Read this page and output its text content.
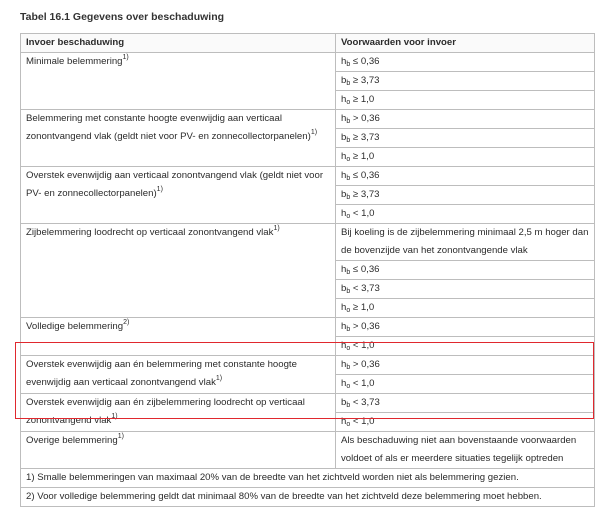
Tabel 16.1 Gegevens over beschaduwing
Invoer beschaduwing	Voorwaarden voor invoer
Minimale belemmering$^{1)}$	$h_b \le 0,36$
	$b_b \ge 3,73$
	$h_o \ge 1,0$
Belemmering met constante hoogte evenwijdig aan verticaal zonontvangend vlak (geldt niet voor PV- en zonnecollectorpanelen)$^{1)}$	$h_b > 0,36$
	$b_b \ge 3,73$
	$h_o \ge 1,0$
Overstek evenwijdig aan verticaal zonontvangend vlak (geldt niet voor PV- en zonnecollectorpanelen)$^{1)}$	$h_b \le 0,36$
	$b_b \ge 3,73$
	$h_o < 1,0$
Zijbelemmering loodrecht op verticaal zonontvangend vlak$^{1)}$	Bij koeling is de zijbelemmering minimaal 2,5 m hoger dan de bovenzijde van het zonontvangende vlak
	$h_b \le 0,36$
	$b_b < 3,73$
	$h_o \ge 1,0$
Volledige belemmering$^{2)}$	$h_b > 0,36$
	$h_o < 1,0$
Overstek evenwijdig aan én belemmering met constante hoogte evenwijdig aan verticaal zonontvangend vlak$^{1)}$	$h_b > 0,36$
	$h_o < 1,0$
Overstek evenwijdig aan én zijbelemmering loodrecht op verticaal zonontvangend vlak$^{1)}$	$b_b < 3,73$
	$h_o < 1,0$
Overige belemmering$^{1)}$	Als beschaduwing niet aan bovenstaande voorwaarden voldoet of als er meerdere situaties tegelijk optreden
1) Smalle belemmeringen van maximaal 20% van de breedte van het zichtveld worden niet als belemmering gezien.	
2) Voor volledige belemmering geldt dat minimaal 80% van de breedte van het zichtveld deze belemmering moet hebben.	
